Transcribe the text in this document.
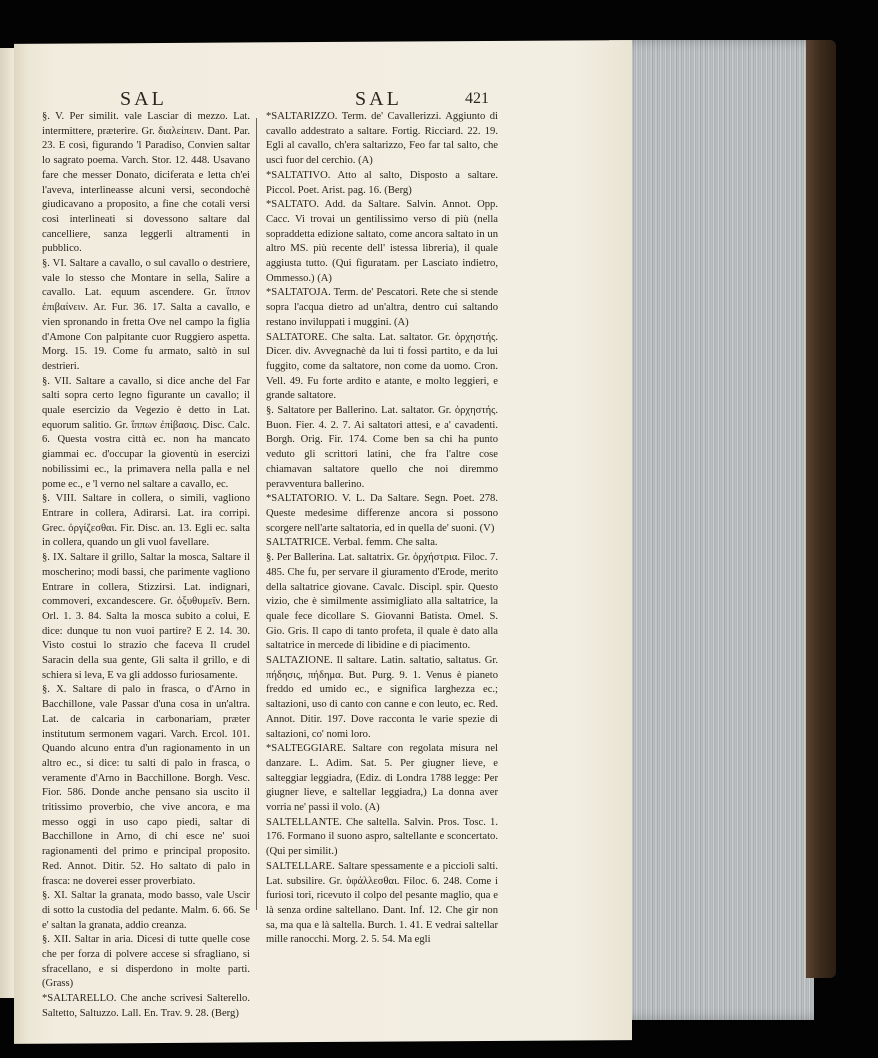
SAL	SAL	421

§. V. Per similit. vale Lasciar di mezzo. Lat. intermittere, præterire. Gr. διαλείπειν. Dant. Par. 23. E così, figurando 'l Paradiso, Convien saltar lo sagrato poema. Varch. Stor. 12. 448. Usavano fare che messer Donato, diciferata e letta ch'ei l'aveva, interlineasse alcuni versi, secondochè giudicavano a proposito, a fine che cotali versi così interlineati si dovessono saltare dal cancelliere, sanza leggerli altramenti in pubblico.

§. VI. Saltare a cavallo, o sul cavallo o destriere, vale lo stesso che Montare in sella, Salire a cavallo. Lat. equum ascendere. Gr. ἵππον ἐπιβαίνειν. Ar. Fur. 36. 17. Salta a cavallo, e vien spronando in fretta Ove nel campo la figlia d'Amone Con palpitante cuor Ruggiero aspetta. Morg. 15. 19. Come fu armato, saltò in sul destrieri.

§. VII. Saltare a cavallo, si dice anche del Far salti sopra certo legno figurante un cavallo; il quale esercizio da Vegezio è detto in Lat. equorum salitio. Gr. ἵππων ἐπίβασις. Disc. Calc. 6. Questa vostra città ec. non ha mancato giammai ec. d'occupar la gioventù in esercizi nobilissimi ec., la primavera nella palla e nel pome ec., e 'l verno nel saltare a cavallo, ec.

§. VIII. Saltare in collera, o simili, vagliono Entrare in collera, Adirarsi. Lat. ira corripi. Grec. ὀργίζεσθαι. Fir. Disc. an. 13. Egli ec. salta in collera, quando un gli vuol favellare.

§. IX. Saltare il grillo, Saltar la mosca, Saltare il moscherino; modi bassi, che parimente vagliono Entrare in collera, Stizzirsi. Lat. indignari, commoveri, excandescere. Gr. ὀξυθυμεῖν. Bern. Orl. 1. 3. 84. Salta la mosca subito a colui, E dice: dunque tu non vuoi partire? E 2. 14. 30. Visto costui lo strazio che faceva Il crudel Saracin della sua gente, Gli salta il grillo, e di schiera si leva, E va gli addosso furiosamente.

§. X. Saltare di palo in frasca, o d'Arno in Bacchillone, vale Passar d'una cosa in un'altra. Lat. de calcaria in carbonariam, præter institutum sermonem vagari. Varch. Ercol. 101. Quando alcuno entra d'un ragionamento in un altro ec., si dice: tu salti di palo in frasca, o veramente d'Arno in Bacchillone. Borgh. Vesc. Fior. 586. Donde anche pensano sia uscito il tritissimo proverbio, che vive ancora, e ma messo oggi in uso capo piedi, saltar di Bacchillone in Arno, di chi esce ne' suoi ragionamenti del primo e principal proposito. Red. Annot. Ditir. 52. Ho saltato di palo in frasca: ne doverei esser proverbiato.

§. XI. Saltar la granata, modo basso, vale Uscir di sotto la custodia del pedante. Malm. 6. 66. Se e' saltan la granata, addio creanza.

§. XII. Saltar in aria. Dicesi di tutte quelle cose che per forza di polvere accese si sfragliano, si sfracellano, e si disperdono in molte parti. (Grass)

*SALTARELLO. Che anche scrivesi Salterello. Saltetto, Saltuzzo. Lall. En. Trav. 9. 28. (Berg)

*SALTARIZZO. Term. de' Cavallerizzi. Aggiunto di cavallo addestrato a saltare. Fortig. Ricciard. 22. 19. Egli al cavallo, ch'era saltarizzo, Feo far tal salto, che uscì fuor del cerchio. (A)

*SALTATIVO. Atto al salto, Disposto a saltare. Piccol. Poet. Arist. pag. 16. (Berg)

*SALTATO. Add. da Saltare. Salvin. Annot. Opp. Cacc. Vi trovai un gentilissimo verso di più (nella sopraddetta edizione saltato, come ancora saltato in un altro MS. più recente dell' istessa libreria), il quale aggiusta tutto. (Qui figuratam. per Lasciato indietro, Ommesso.) (A)

*SALTATOJA. Term. de' Pescatori. Rete che si stende sopra l'acqua dietro ad un'altra, dentro cui saltando restano inviluppati i muggini. (A)

SALTATORE. Che salta. Lat. saltator. Gr. ὀρχηστής. Dicer. div. Avvegnachè da lui ti fossi partito, e da lui fuggito, come da saltatore, non come da uomo. Cron. Vell. 49. Fu forte ardito e atante, e molto leggieri, e grande saltatore.

§. Saltatore per Ballerino. Lat. saltator. Gr. ὀρχηστής. Buon. Fier. 4. 2. 7. Ai saltatori attesi, e a' cavadenti. Borgh. Orig. Fir. 174. Come ben sa chi ha punto veduto gli scrittori latini, che fra l'altre cose chiamavan saltatore quello che noi diremmo peravventura ballerino.

*SALTATORIO. V. L. Da Saltare. Segn. Poet. 278. Queste medesime differenze ancora si possono scorgere nell'arte saltatoria, ed in quella de' suoni. (V)

SALTATRICE. Verbal. femm. Che salta.

§. Per Ballerina. Lat. saltatrix. Gr. ὀρχήστρια. Filoc. 7. 485. Che fu, per servare il giuramento d'Erode, merito della saltatrice giovane. Cavalc. Discipl. spir. Questo vizio, che è similmente assimigliato alla saltatrice, la quale fece dicollare S. Giovanni Batista. Omel. S. Gio. Gris. Il capo di tanto profeta, il quale è dato alla saltatrice in mercede di libidine e di piacimento.

SALTAZIONE. Il saltare. Latin. saltatio, saltatus. Gr. πήδησις, πήδημα. But. Purg. 9. 1. Venus è pianeto freddo ed umido ec., e significa larghezza ec.; saltazioni, uso di canto con canne e con leuto, ec. Red. Annot. Ditir. 197. Dove racconta le varie spezie di saltazioni, co' nomi loro.

*SALTEGGIARE. Saltare con regolata misura nel danzare. L. Adim. Sat. 5. Per giugner lieve, e salteggiar leggiadra, (Ediz. di Londra 1788 legge: Per giugner lieve, e saltellar leggiadra,) La donna aver vorria ne' passi il volo. (A)

SALTELLANTE. Che saltella. Salvin. Pros. Tosc. 1. 176. Formano il suono aspro, saltellante e sconcertato. (Qui per similit.)

SALTELLARE. Saltare spessamente e a piccioli salti. Lat. subsilire. Gr. ὑφάλλεσθαι. Filoc. 6. 248. Come i furiosi tori, ricevuto il colpo del pesante maglio, qua e là senza ordine saltellano. Dant. Inf. 12. Che gir non sa, ma qua e là saltella. Burch. 1. 41. E vedrai saltellar mille ranocchi. Morg. 2. 5. 54. Ma egli
